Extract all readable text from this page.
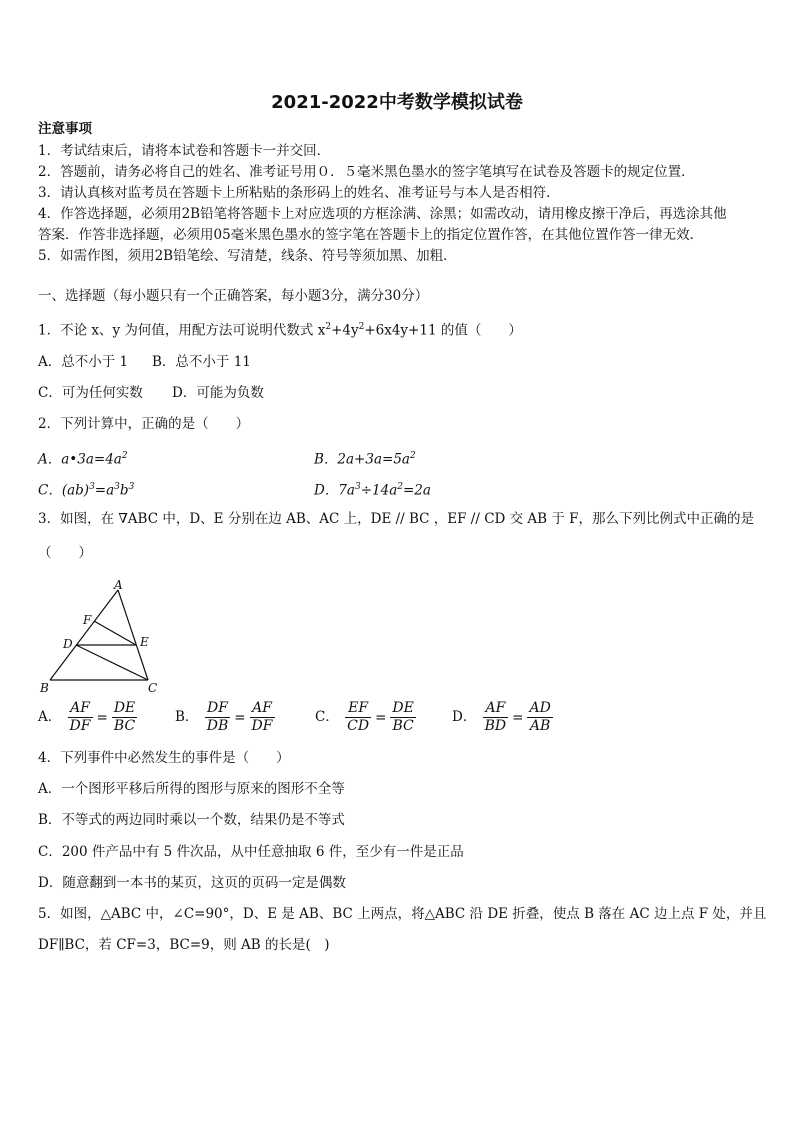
2021-2022中考数学模拟试卷
注意事项
1．考试结束后，请将本试卷和答题卡一并交回．
2．答题前，请务必将自己的姓名、准考证号用０．５毫米黑色墨水的签字笔填写在试卷及答题卡的规定位置．
3．请认真核对监考员在答题卡上所粘贴的条形码上的姓名、准考证号与本人是否相符．
4．作答选择题，必须用2B铅笔将答题卡上对应选项的方框涂满、涂黑；如需改动，请用橡皮擦干净后，再选涂其他
答案．作答非选择题，必须用05毫米黑色墨水的签字笔在答题卡上的指定位置作答，在其他位置作答一律无效．
5．如需作图，须用2B铅笔绘、写清楚，线条、符号等须加黑、加粗．
一、选择题（每小题只有一个正确答案，每小题3分，满分30分）
1．不论 x、y 为何值，用配方法可说明代数式 $x^2+4y^2+6x4y+11$ 的值（　　）
A．总不小于 1 B．总不小于 11
C．可为任何实数 D．可能为负数
2．下列计算中，正确的是（　　）
A．$a•3a=4a^2$	B．$2a+3a=5a^2$
C．$(ab)^3=a^3b^3$	D．$7a^3\div 14a^2=2a$
3．如图，在 ∇ABC 中，D、E 分别在边 AB、AC 上，DE // BC ，EF // CD 交 AB 于 F，那么下列比例式中正确的是
（　　）
A
F
D	E
B	C
A． $\frac{AF}{DF} = \frac{DE}{BC}$	B． $\frac{DF}{DB} = \frac{AF}{DF}$	C． $\frac{EF}{CD} = \frac{DE}{BC}$	D． $\frac{AF}{BD} = \frac{AD}{AB}$
4．下列事件中必然发生的事件是（　　）
A．一个图形平移后所得的图形与原来的图形不全等
B．不等式的两边同时乘以一个数，结果仍是不等式
C．200 件产品中有 5 件次品，从中任意抽取 6 件，至少有一件是正品
D．随意翻到一本书的某页，这页的页码一定是偶数
5．如图，△ABC 中，∠C=90°，D、E 是 AB、BC 上两点，将△ABC 沿 DE 折叠，使点 B 落在 AC 边上点 F 处，并且
DF∥BC，若 CF=3，BC=9，则 AB 的长是(　)
